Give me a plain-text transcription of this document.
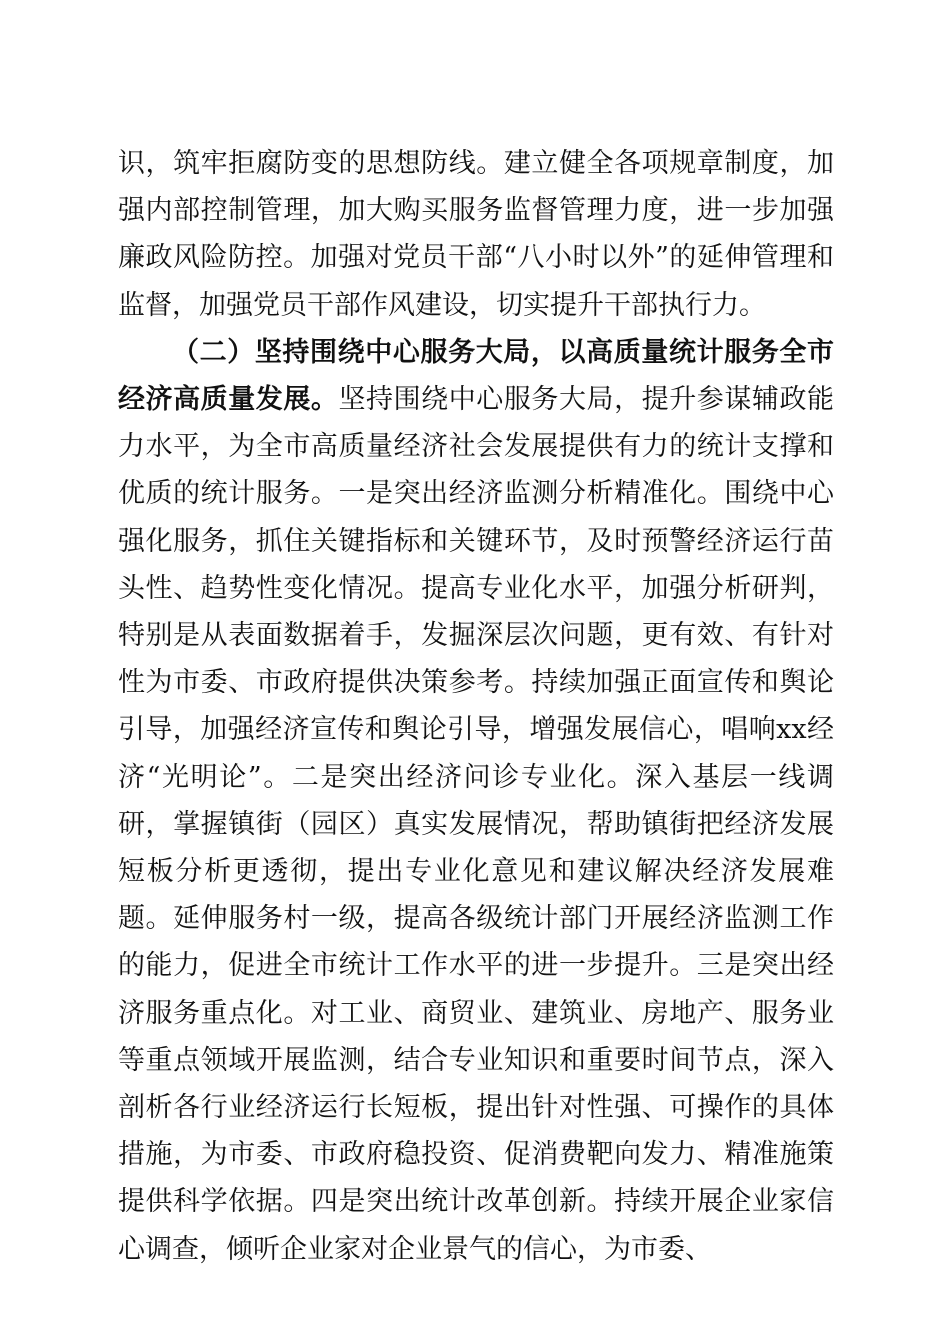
识，筑牢拒腐防变的思想防线。建立健全各项规章制度，加强内部控制管理，加大购买服务监督管理力度，进一步加强廉政风险防控。加强对党员干部“八小时以外”的延伸管理和监督，加强党员干部作风建设，切实提升干部执行力。

（二）坚持围绕中心服务大局，以高质量统计服务全市经济高质量发展。坚持围绕中心服务大局，提升参谋辅政能力水平，为全市高质量经济社会发展提供有力的统计支撑和优质的统计服务。一是突出经济监测分析精准化。围绕中心强化服务，抓住关键指标和关键环节，及时预警经济运行苗头性、趋势性变化情况。提高专业化水平，加强分析研判，特别是从表面数据着手，发掘深层次问题，更有效、有针对性为市委、市政府提供决策参考。持续加强正面宣传和舆论引导，加强经济宣传和舆论引导，增强发展信心，唱响xx经济“光明论”。二是突出经济问诊专业化。深入基层一线调研，掌握镇街（园区）真实发展情况，帮助镇街把经济发展短板分析更透彻，提出专业化意见和建议解决经济发展难题。延伸服务村一级，提高各级统计部门开展经济监测工作的能力，促进全市统计工作水平的进一步提升。三是突出经济服务重点化。对工业、商贸业、建筑业、房地产、服务业等重点领域开展监测，结合专业知识和重要时间节点，深入剖析各行业经济运行长短板，提出针对性强、可操作的具体措施，为市委、市政府稳投资、促消费靶向发力、精准施策提供科学依据。四是突出统计改革创新。持续开展企业家信心调查，倾听企业家对企业景气的信心，为市委、
